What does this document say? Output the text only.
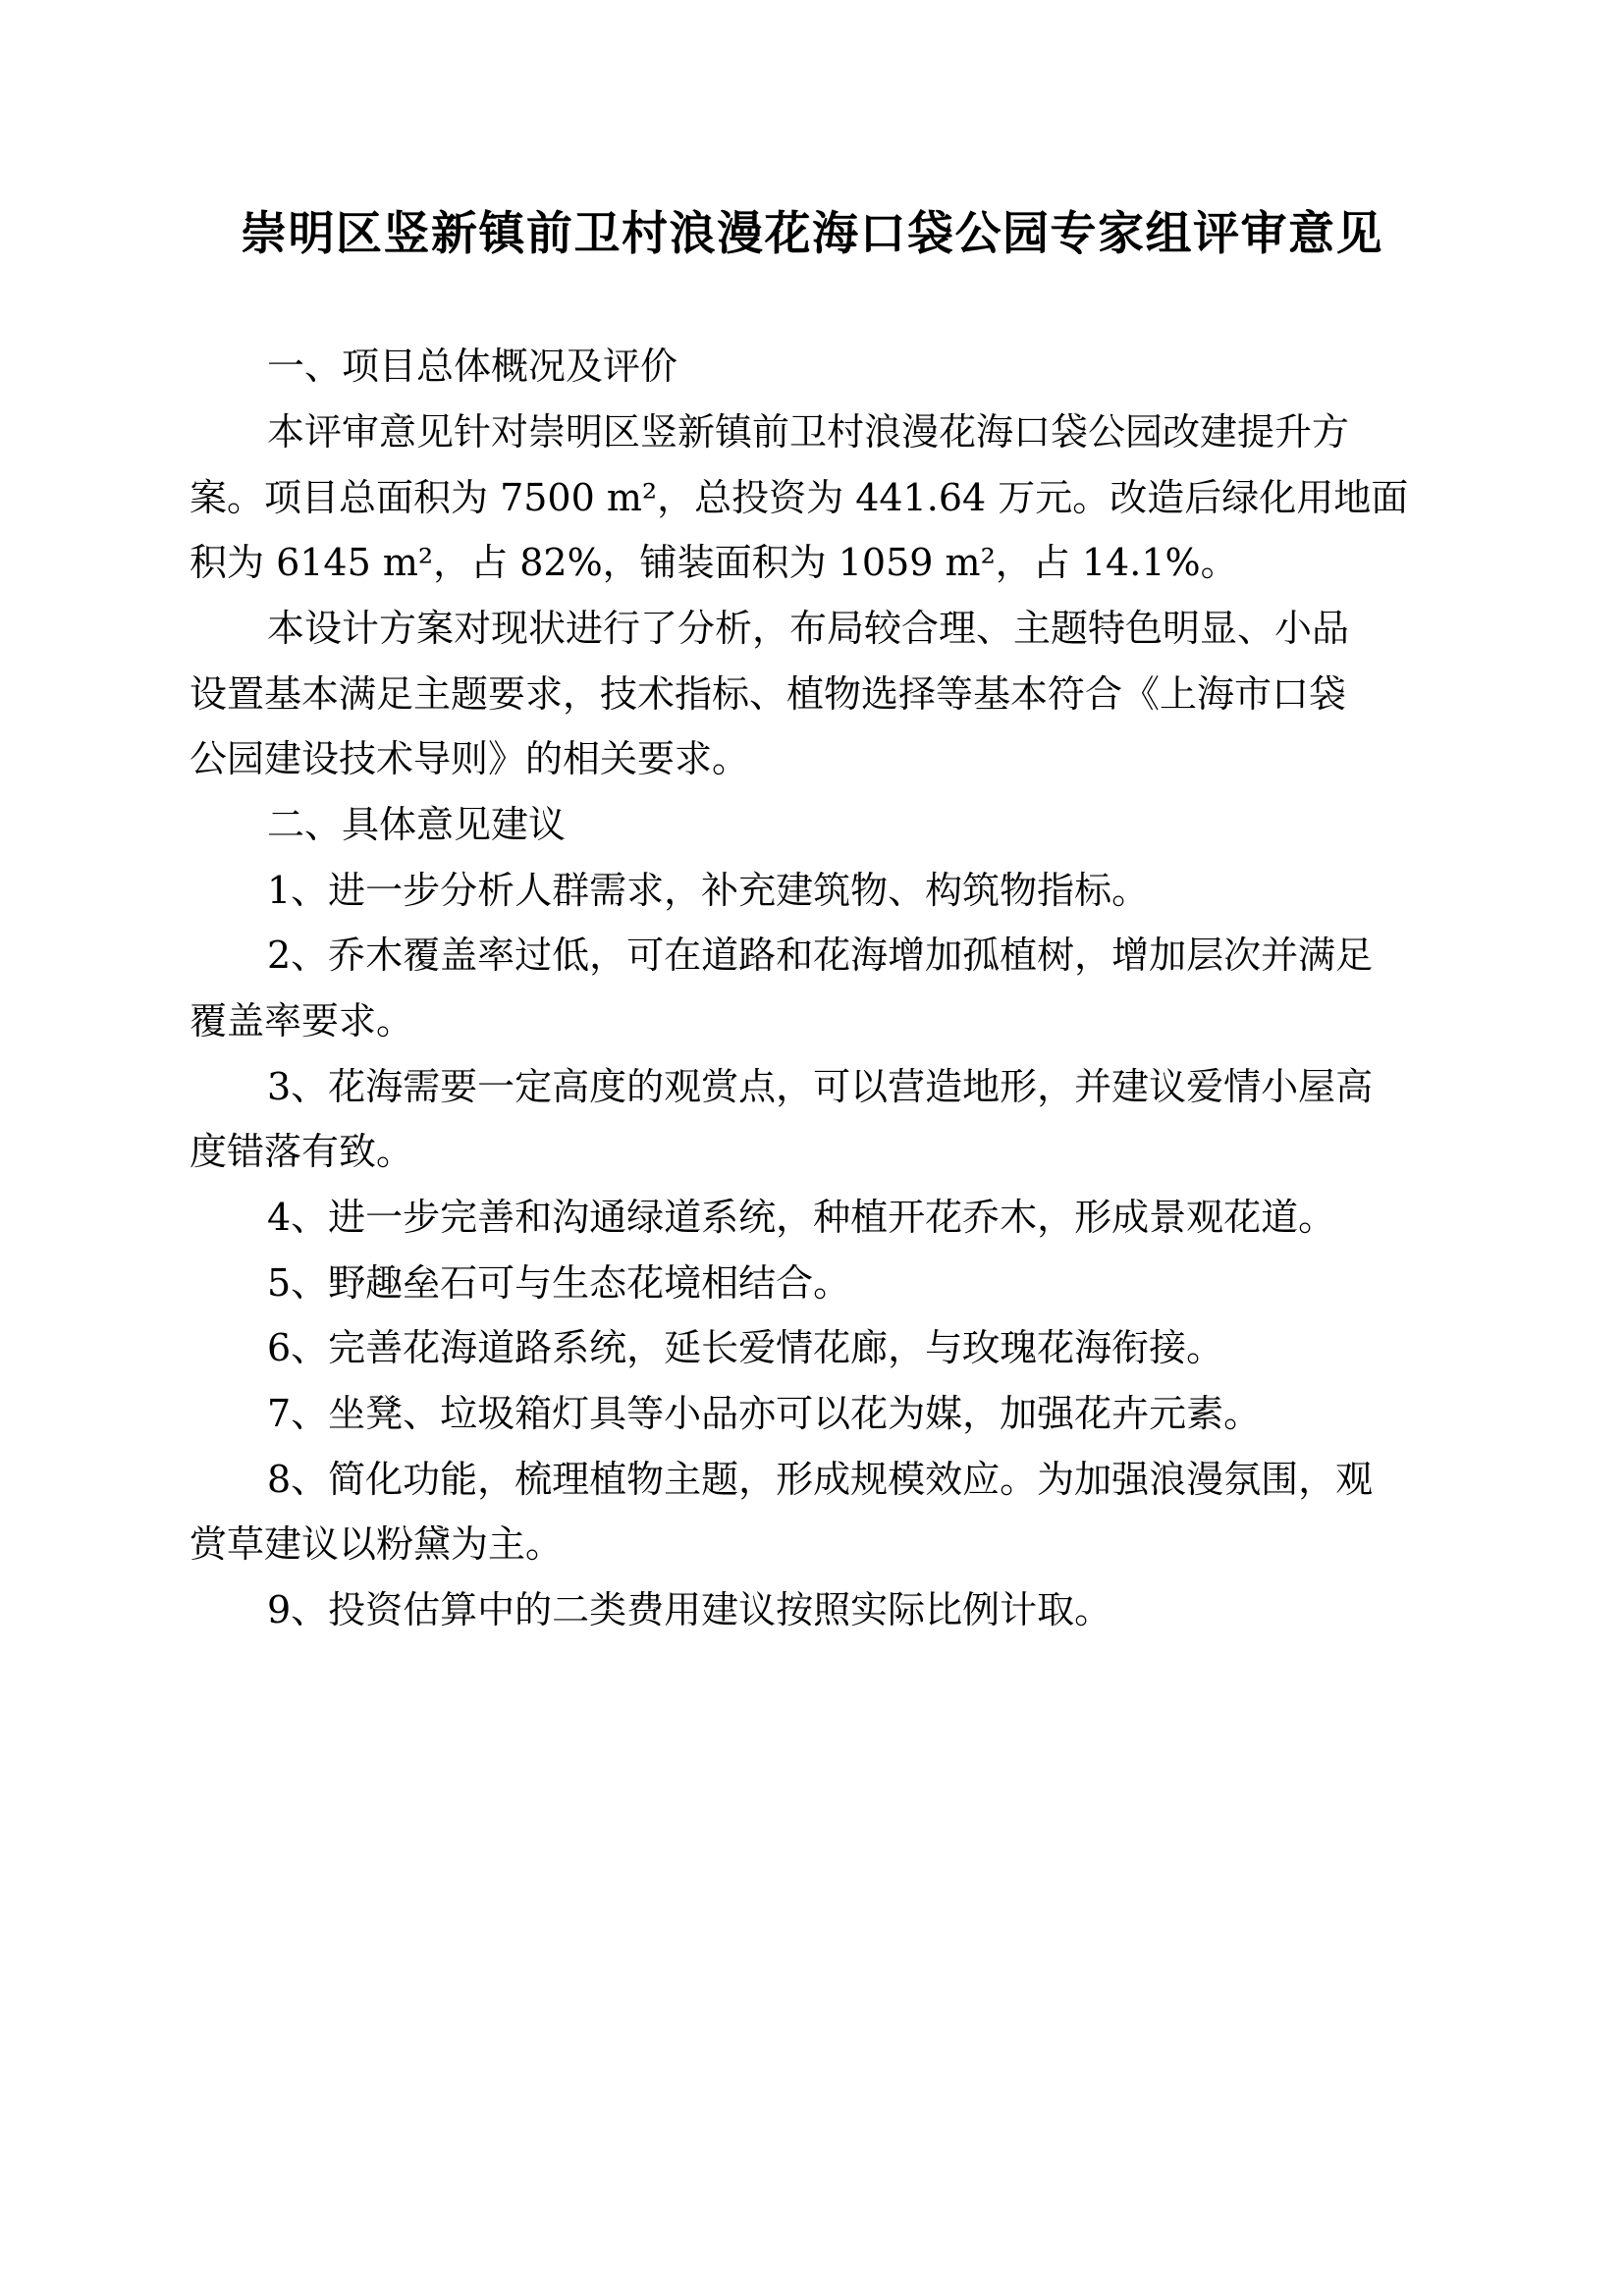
崇明区竖新镇前卫村浪漫花海口袋公园专家组评审意见
一、项目总体概况及评价
本评审意见针对崇明区竖新镇前卫村浪漫花海口袋公园改建提升方
案。项目总面积为 7500 m²，总投资为 441.64 万元。改造后绿化用地面
积为 6145 m²，占 82%，铺装面积为 1059 m²，占 14.1%。
本设计方案对现状进行了分析，布局较合理、主题特色明显、小品
设置基本满足主题要求，技术指标、植物选择等基本符合《上海市口袋
公园建设技术导则》的相关要求。
二、具体意见建议
1、进一步分析人群需求，补充建筑物、构筑物指标。
2、乔木覆盖率过低，可在道路和花海增加孤植树，增加层次并满足
覆盖率要求。
3、花海需要一定高度的观赏点，可以营造地形，并建议爱情小屋高
度错落有致。
4、进一步完善和沟通绿道系统，种植开花乔木，形成景观花道。
5、野趣垒石可与生态花境相结合。
6、完善花海道路系统，延长爱情花廊，与玫瑰花海衔接。
7、坐凳、垃圾箱灯具等小品亦可以花为媒，加强花卉元素。
8、简化功能，梳理植物主题，形成规模效应。为加强浪漫氛围，观
赏草建议以粉黛为主。
9、投资估算中的二类费用建议按照实际比例计取。
